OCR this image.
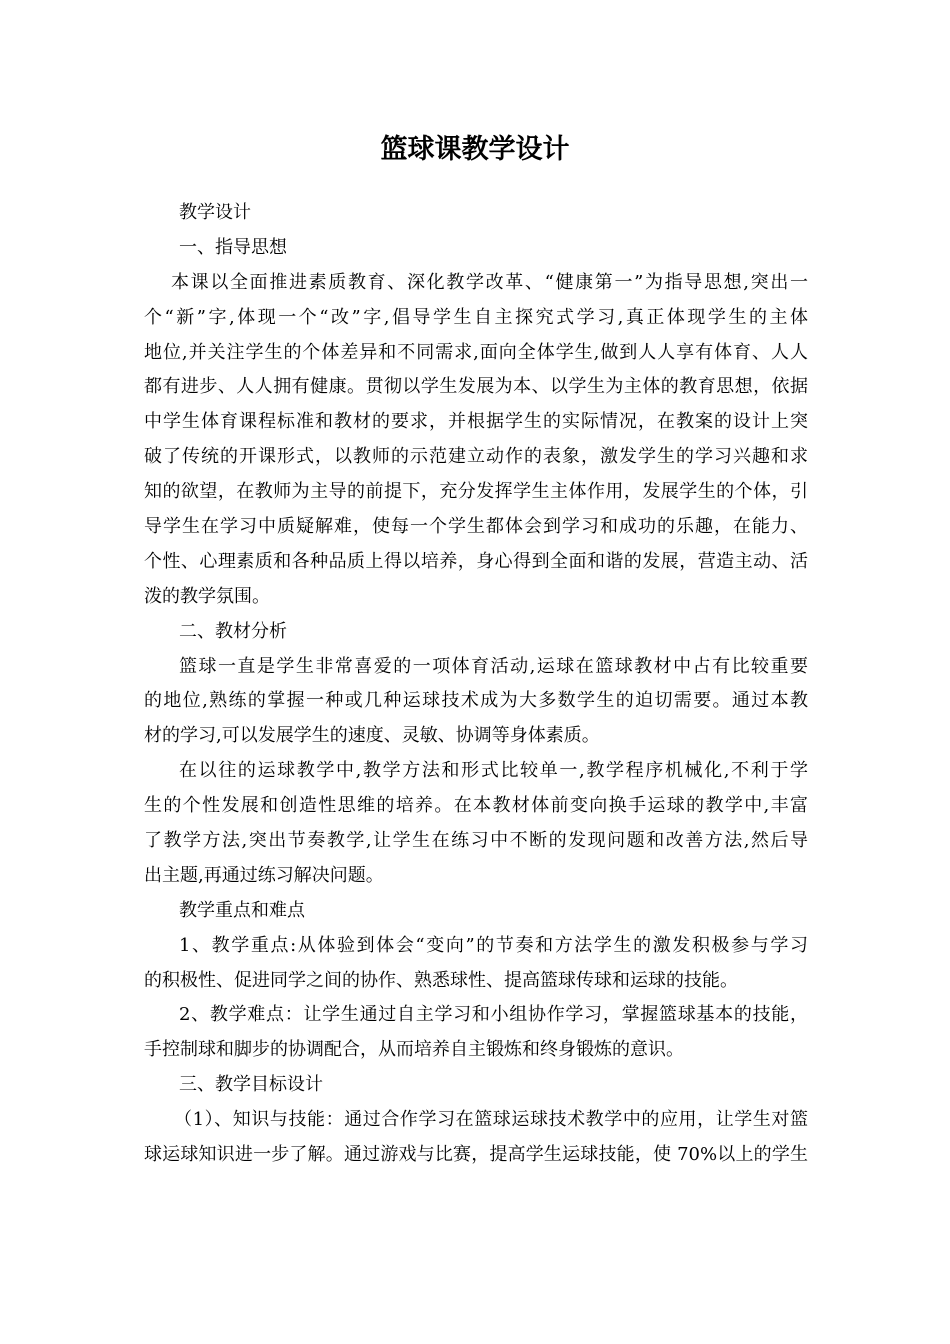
篮球课教学设计
教学设计
一、指导思想
本课以全面推进素质教育、深化教学改革、“健康第一”为指导思想,突出一
个“新”字,体现一个“改”字,倡导学生自主探究式学习,真正体现学生的主体
地位,并关注学生的个体差异和不同需求,面向全体学生,做到人人享有体育、人人
都有进步、人人拥有健康。贯彻以学生发展为本、以学生为主体的教育思想，依据
中学生体育课程标准和教材的要求，并根据学生的实际情况，在教案的设计上突
破了传统的开课形式，以教师的示范建立动作的表象，激发学生的学习兴趣和求
知的欲望，在教师为主导的前提下，充分发挥学生主体作用，发展学生的个体，引
导学生在学习中质疑解难，使每一个学生都体会到学习和成功的乐趣，在能力、
个性、心理素质和各种品质上得以培养，身心得到全面和谐的发展，营造主动、活
泼的教学氛围。
二、教材分析
篮球一直是学生非常喜爱的一项体育活动,运球在篮球教材中占有比较重要
的地位,熟练的掌握一种或几种运球技术成为大多数学生的迫切需要。通过本教
材的学习,可以发展学生的速度、灵敏、协调等身体素质。
在以往的运球教学中,教学方法和形式比较单一,教学程序机械化,不利于学
生的个性发展和创造性思维的培养。在本教材体前变向换手运球的教学中,丰富
了教学方法,突出节奏教学,让学生在练习中不断的发现问题和改善方法,然后导
出主题,再通过练习解决问题。
教学重点和难点
1、教学重点:从体验到体会“变向”的节奏和方法学生的激发积极参与学习
的积极性、促进同学之间的协作、熟悉球性、提高篮球传球和运球的技能。
2、教学难点：让学生通过自主学习和小组协作学习，掌握篮球基本的技能，
手控制球和脚步的协调配合，从而培养自主锻炼和终身锻炼的意识。
三、教学目标设计
（1）、知识与技能：通过合作学习在篮球运球技术教学中的应用，让学生对篮
球运球知识进一步了解。通过游戏与比赛，提高学生运球技能，使 70%以上的学生
